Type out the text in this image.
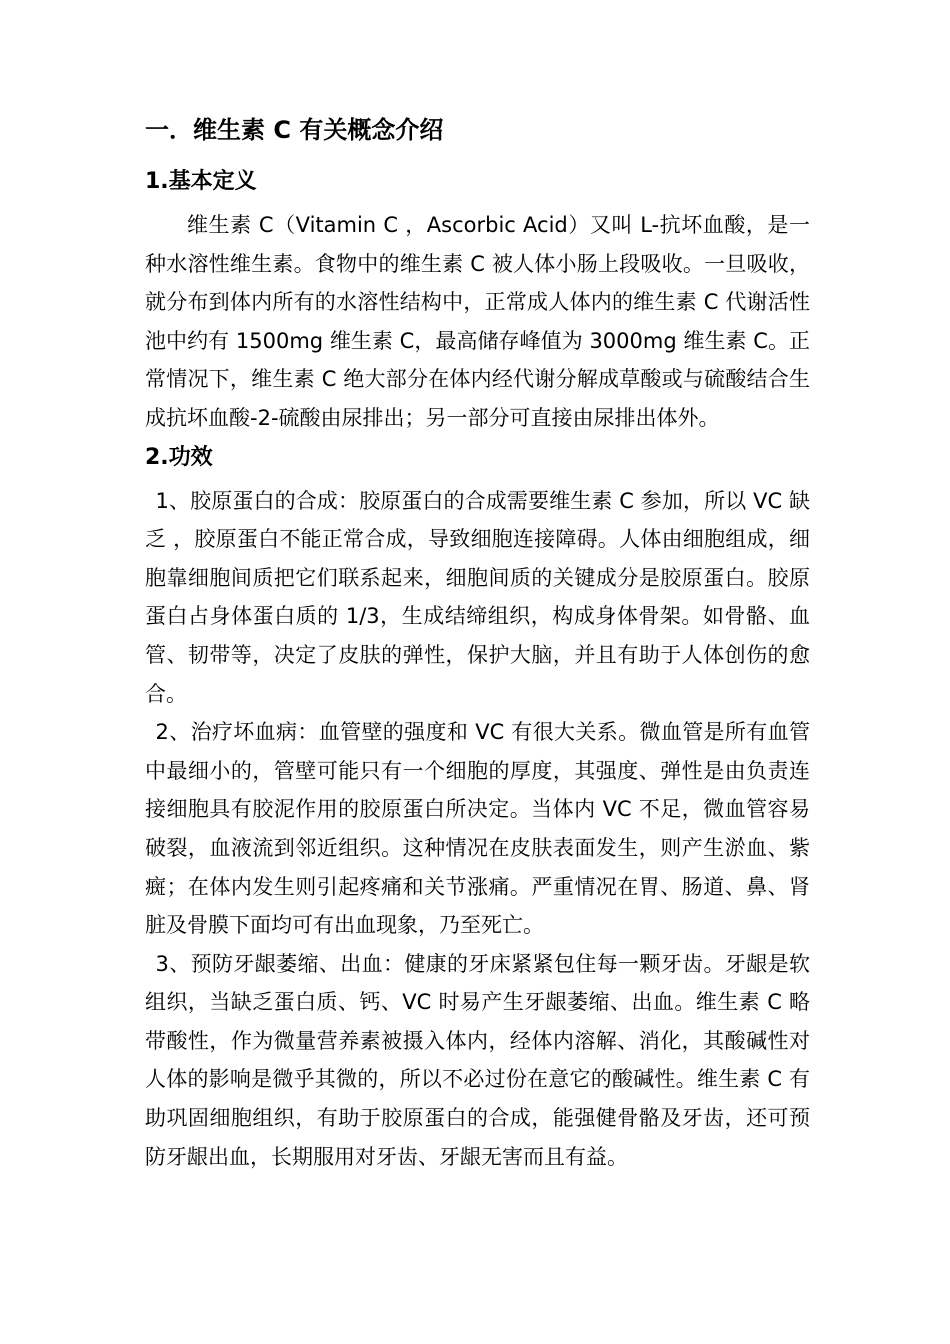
一．维生素 C 有关概念介绍
1.基本定义

维生素 C（Vitamin C ，Ascorbic Acid）又叫 L-抗坏血酸，是一种水溶性维生素。食物中的维生素 C 被人体小肠上段吸收。一旦吸收，就分布到体内所有的水溶性结构中，正常成人体内的维生素 C 代谢活性池中约有 1500mg 维生素 C，最高储存峰值为 3000mg 维生素 C。正常情况下，维生素 C 绝大部分在体内经代谢分解成草酸或与硫酸结合生成抗坏血酸-2-硫酸由尿排出；另一部分可直接由尿排出体外。

2.功效

1、胶原蛋白的合成：胶原蛋白的合成需要维生素 C 参加，所以 VC 缺乏 ，胶原蛋白不能正常合成，导致细胞连接障碍。人体由细胞组成，细胞靠细胞间质把它们联系起来，细胞间质的关键成分是胶原蛋白。胶原蛋白占身体蛋白质的 1/3，生成结缔组织，构成身体骨架。如骨骼、血管、韧带等，决定了皮肤的弹性，保护大脑，并且有助于人体创伤的愈合。

2、治疗坏血病：血管壁的强度和 VC 有很大关系。微血管是所有血管中最细小的，管壁可能只有一个细胞的厚度，其强度、弹性是由负责连接细胞具有胶泥作用的胶原蛋白所决定。当体内 VC 不足，微血管容易破裂，血液流到邻近组织。这种情况在皮肤表面发生，则产生淤血、紫癍；在体内发生则引起疼痛和关节涨痛。严重情况在胃、肠道、鼻、肾脏及骨膜下面均可有出血现象，乃至死亡。

3、预防牙龈萎缩、出血：健康的牙床紧紧包住每一颗牙齿。牙龈是软组织，当缺乏蛋白质、钙、VC 时易产生牙龈萎缩、出血。维生素 C 略带酸性，作为微量营养素被摄入体内，经体内溶解、消化，其酸碱性对人体的影响是微乎其微的，所以不必过份在意它的酸碱性。维生素 C 有助巩固细胞组织，有助于胶原蛋白的合成，能强健骨骼及牙齿，还可预防牙龈出血，长期服用对牙齿、牙龈无害而且有益。
